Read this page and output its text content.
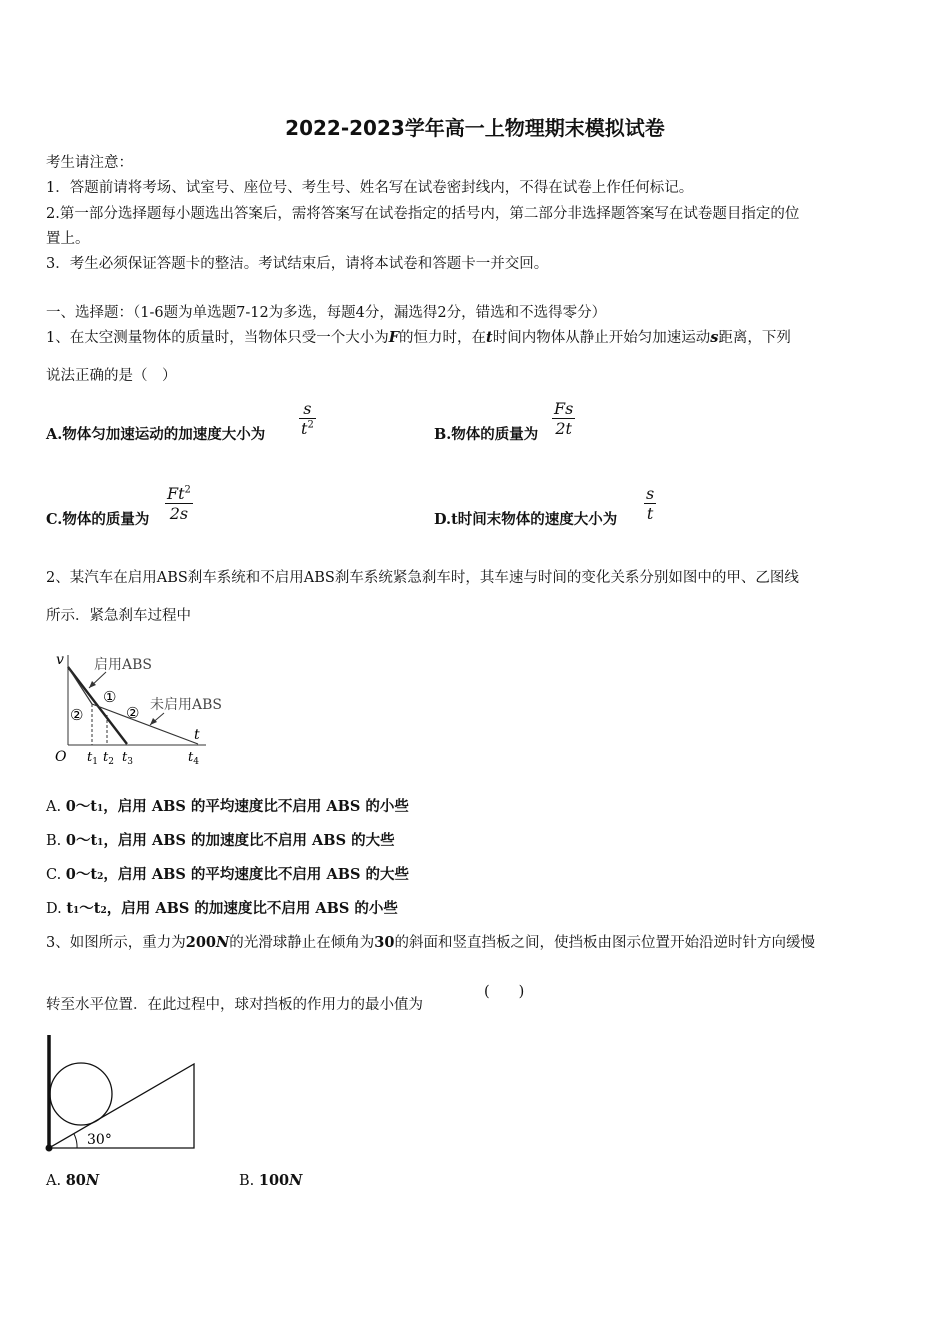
2022-2023学年高一上物理期末模拟试卷
考生请注意：
1．答题前请将考场、试室号、座位号、考生号、姓名写在试卷密封线内，不得在试卷上作任何标记。
2.第一部分选择题每小题选出答案后，需将答案写在试卷指定的括号内，第二部分非选择题答案写在试卷题目指定的位
置上。
3．考生必须保证答题卡的整洁。考试结束后，请将本试卷和答题卡一并交回。
一、选择题：（1-6题为单选题7-12为多选，每题4分，漏选得2分，错选和不选得零分）
1、在太空测量物体的质量时，当物体只受一个大小为F的恒力时，在t时间内物体从静止开始匀加速运动s距离，下列
说法正确的是（　）
A.物体匀加速运动的加速度大小为 $\frac{s}{t^2}$	B.物体的质量为 $\frac{Fs}{2t}$
C.物体的质量为 $\frac{Ft^2}{2s}$	D.t时间末物体的速度大小为 $\frac{s}{t}$
2、某汽车在启用ABS刹车系统和不启用ABS刹车系统紧急刹车时，其车速与时间的变化关系分别如图中的甲、乙图线
所示．紧急刹车过程中
v
t
O
启用ABS
未启用ABS
①
②	②
$t_1$ $t_2$ $t_3$	$t_4$
A. 0～t1，启用 ABS 的平均速度比不启用 ABS 的小些
B. 0～t1，启用 ABS 的加速度比不启用 ABS 的大些
C. 0～t2，启用 ABS 的平均速度比不启用 ABS 的大些
D. t1～t2，启用 ABS 的加速度比不启用 ABS 的小些
3、如图所示，重力为200N的光滑球静止在倾角为30的斜面和竖直挡板之间，使挡板由图示位置开始沿逆时针方向缓慢
转至水平位置．在此过程中，球对挡板的作用力的最小值为
(　　)
30°
A. 80N	B. 100N
